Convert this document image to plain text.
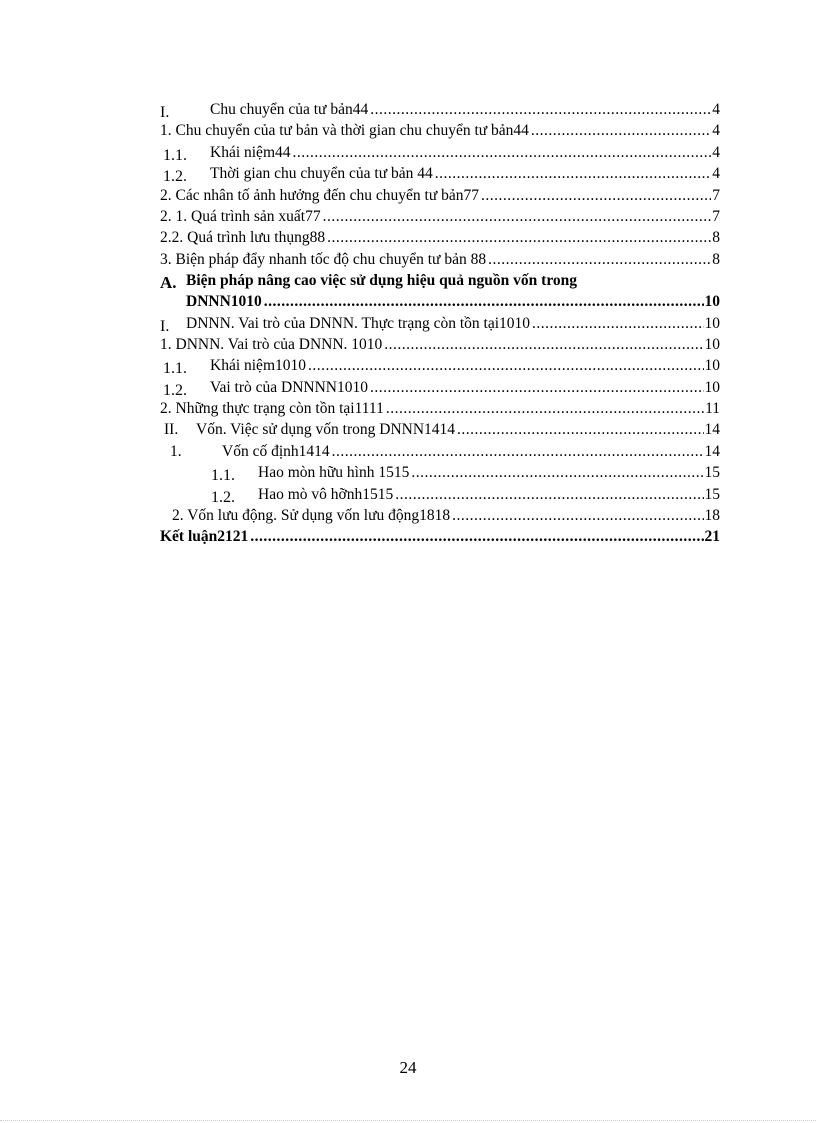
I.	Chu chuyển của tư bản44 .....	4
1. Chu chuyển của tư bản và thời gian chu chuyển tư bản44 .....	4
1.1. Khái niệm44 .....	4
1.2. Thời gian chu chuyển của tư bản 44 .....	4
2. Các nhân tố ảnh hưởng đến chu chuyển tư bản77 .....	7
2. 1. Quá trình sản xuất77 .....	7
2.2. Quá trình lưu thụng88 .....	8
3. Biện pháp đẩy nhanh tốc độ chu chuyển tư bản 88 .....	8
A. Biện pháp nâng cao việc sử dụng hiệu quả nguồn vốn trong
DNNN1010 .....	10
I. DNNN. Vai trò của DNNN. Thực trạng còn tồn tại1010 .....	10
1. DNNN. Vai trò của DNNN. 1010 .....	10
1.1. Khái niệm1010 .....	10
1.2. Vai trò của DNNNN1010 .....	10
2. Những thực trạng còn tồn tại1111 .....	11
II. Vốn. Việc sử dụng vốn trong DNNN1414 .....	14
1.	Vốn cố định1414 .....	14
1.1. Hao mòn hữu hình 1515 .....	15
1.2. Hao mò vô hỡnh1515 .....	15
2. Vốn lưu động. Sử dụng vốn lưu động1818 .....	18
Kết luận2121 .....	21
24
